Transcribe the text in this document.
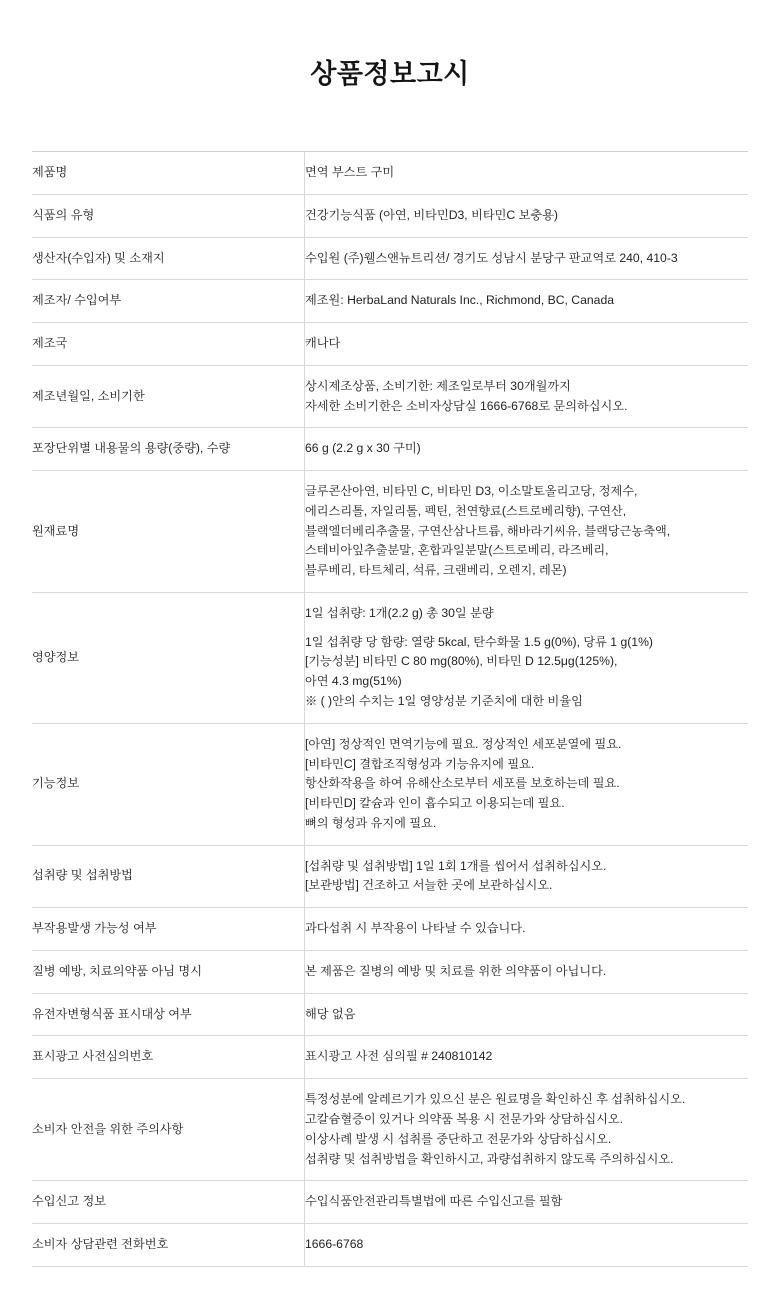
상품정보고시
제품명	면역 부스트 구미

식품의 유형	건강기능식품 (아연, 비타민D3, 비타민C 보충용)

생산자(수입자) 및 소재지	수입원 (주)웰스앤뉴트리션/ 경기도 성남시 분당구 판교역로 240, 410-3

제조자/ 수입여부	제조원: HerbaLand Naturals Inc., Richmond, BC, Canada

제조국	캐나다

제조년월일, 소비기한	상시제조상품, 소비기한: 제조일로부터 30개월까지
자세한 소비기한은 소비자상담실 1666-6768로 문의하십시오.

포장단위별 내용물의 용량(중량), 수량	66 g (2.2 g x 30 구미)

원재료명	글루콘산아연, 비타민 C, 비타민 D3, 이소말토올리고당, 정제수,
에리스리톨, 자일리톨, 펙틴, 천연향료(스트로베리향), 구연산,
블랙엘더베리추출물, 구연산삼나트륨, 해바라기씨유, 블랙당근농축액,
스테비아잎추출분말, 혼합과일분말(스트로베리, 라즈베리,
블루베리, 타트체리, 석류, 크랜베리, 오렌지, 레몬)

영양정보	1일 섭취량: 1개(2.2 g) 총 30일 분량
1일 섭취량 당 함량: 열량 5kcal, 탄수화물 1.5 g(0%), 당류 1 g(1%)
[기능성분] 비타민 C 80 mg(80%), 비타민 D 12.5μg(125%),
아연 4.3 mg(51%)
※ ( )안의 수치는 1일 영양성분 기준치에 대한 비율임

기능정보	[아연] 정상적인 면역기능에 필요. 정상적인 세포분열에 필요.
[비타민C] 결합조직형성과 기능유지에 필요.
항산화작용을 하여 유해산소로부터 세포를 보호하는데 필요.
[비타민D] 칼슘과 인이 흡수되고 이용되는데 필요.
뼈의 형성과 유지에 필요.

섭취량 및 섭취방법	[섭취량 및 섭취방법] 1일 1회 1개를 씹어서 섭취하십시오.
[보관방법] 건조하고 서늘한 곳에 보관하십시오.

부작용발생 가능성 여부	과다섭취 시 부작용이 나타날 수 있습니다.

질병 예방, 치료의약품 아님 명시	본 제품은 질병의 예방 및 치료를 위한 의약품이 아닙니다.

유전자변형식품 표시대상 여부	해당 없음

표시광고 사전심의번호	표시광고 사전 심의필 # 240810142

소비자 안전을 위한 주의사항	특정성분에 알레르기가 있으신 분은 원료명을 확인하신 후 섭취하십시오.
고칼슘혈증이 있거나 의약품 복용 시 전문가와 상담하십시오.
이상사례 발생 시 섭취를 중단하고 전문가와 상담하십시오.
섭취량 및 섭취방법을 확인하시고, 과량섭취하지 않도록 주의하십시오.

수입신고 정보	수입식품안전관리특별법에 따른 수입신고를 필함

소비자 상담관련 전화번호	1666-6768
